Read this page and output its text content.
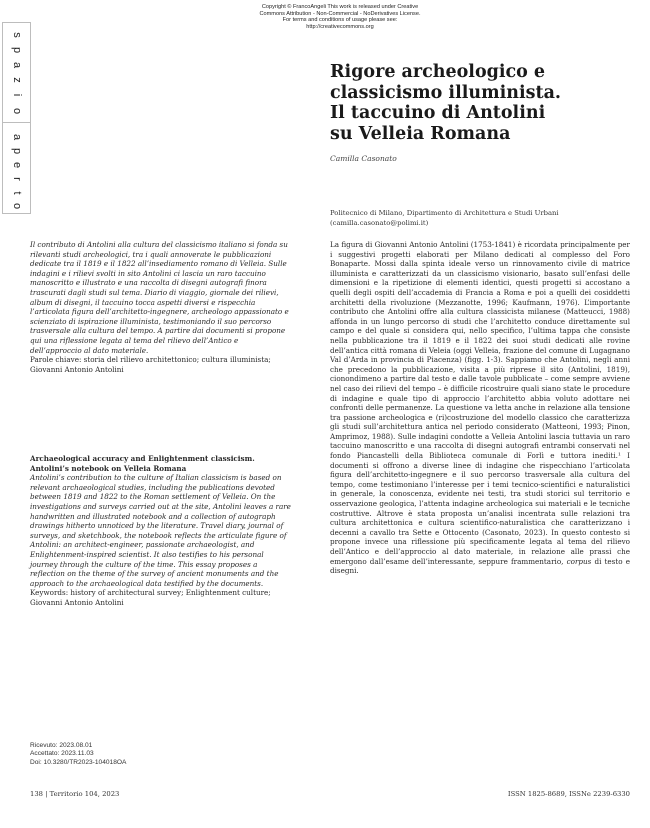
Copyright © FrancoAngeli This work is released under Creative
Commons Attribution - Non-Commercial - NoDerivatives License.
For terms and conditions of usage please see:
http://creativecommons.org
s
p
a
z
i
o
a
p
e
r
t
o
Rigore archeologico e
classicismo illuminista.
Il taccuino di Antolini
su Velleia Romana
Camilla Casonato
Politecnico di Milano, Dipartimento di Architettura e Studi Urbani
(camilla.casonato@polimi.it)

Il contributo di Antolini alla cultura del classicismo italiano si fonda su rilevanti studi archeologici, tra i quali annoverate le pubblicazioni dedicate tra il 1819 e il 1822 all’insediamento romano di Velleia. Sulle indagini e i rilievi svolti in sito Antolini ci lascia un raro taccuino manoscritto e illustrato e una raccolta di disegni autografi finora trascurati dagli studi sul tema. Diario di viaggio, giornale dei rilievi, album di disegni, il taccuino tocca aspetti diversi e rispecchia l’articolata figura dell’architetto-ingegnere, archeologo appassionato e scienziato di ispirazione illuminista, testimoniando il suo percorso trasversale alla cultura del tempo. A partire dai documenti si propone qui una riflessione legata al tema del rilievo dell’Antico e dell’approccio al dato materiale.

Parole chiave: storia del rilievo architettonico; cultura illuminista; Giovanni Antonio Antolini

Archaeological accuracy and Enlightenment classicism. Antolini’s notebook on Velleia Romana

Antolini’s contribution to the culture of Italian classicism is based on relevant archaeological studies, including the publications devoted between 1819 and 1822 to the Roman settlement of Velleia. On the investigations and surveys carried out at the site, Antolini leaves a rare handwritten and illustrated notebook and a collection of autograph drawings hitherto unnoticed by the literature. Travel diary, journal of surveys, and sketchbook, the notebook reflects the articulate figure of Antolini: an architect-engineer, passionate archaeologist, and Enlightenment-inspired scientist. It also testifies to his personal journey through the culture of the time. This essay proposes a reflection on the theme of the survey of ancient monuments and the approach to the archaeological data testified by the documents.

Keywords: history of architectural survey; Enlightenment culture; Giovanni Antonio Antolini

Ricevuto: 2023.08.01
Accettato: 2023.11.03
Doi: 10.3280/TR2023-104018OA

La figura di Giovanni Antonio Antolini (1753-1841) è ricordata principalmente per i suggestivi progetti elaborati per Milano dedicati al complesso del Foro Bonaparte. Mossi dalla spinta ideale verso un rinnovamento civile di matrice illuminista e caratterizzati da un classicismo visionario, basato sull’enfasi delle dimensioni e la ripetizione di elementi identici, questi progetti si accostano a quelli degli ospiti dell’accademia di Francia a Roma e poi a quelli dei cosiddetti architetti della rivoluzione (Mezzanotte, 1996; Kaufmann, 1976). L’importante contributo che Antolini offre alla cultura classicista milanese (Matteucci, 1988) affonda in un lungo percorso di studi che l’architetto conduce direttamente sul campo e del quale si considera qui, nello specifico, l’ultima tappa che consiste nella pubblicazione tra il 1819 e il 1822 dei suoi studi dedicati alle rovine dell’antica città romana di Veleia (oggi Velleia, frazione del comune di Lugagnano Val d’Arda in provincia di Piacenza) (figg. 1-3). Sappiamo che Antolini, negli anni che precedono la pubblicazione, visita a più riprese il sito (Antolini, 1819), cionondimeno a partire dal testo e dalle tavole pubblicate – come sempre avviene nel caso dei rilievi del tempo – è difficile ricostruire quali siano state le procedure di indagine e quale tipo di approccio l’architetto abbia voluto adottare nei confronti delle permanenze. La questione va letta anche in relazione alla tensione tra passione archeologica e (ri)costruzione del modello classico che caratterizza gli studi sull’architettura antica nel periodo considerato (Matteoni, 1993; Pinon, Amprimoz, 1988). Sulle indagini condotte a Velleia Antolini lascia tuttavia un raro taccuino manoscritto e una raccolta di disegni autografi entrambi conservati nel fondo Piancastelli della Biblioteca comunale di Forlì e tuttora inediti.¹ I documenti si offrono a diverse linee di indagine che rispecchiano l’articolata figura dell’architetto-ingegnere e il suo percorso trasversale alla cultura del tempo, come testimoniano l’interesse per i temi tecnico-scientifici e naturalistici in generale, la conoscenza, evidente nei testi, tra studi storici sul territorio e osservazione geologica, l’attenta indagine archeologica sui materiali e le tecniche costruttive. Altrove è stata proposta un’analisi incentrata sulle relazioni tra cultura architettonica e cultura scientifico-naturalistica che caratterizzano i decenni a cavallo tra Sette e Ottocento (Casonato, 2023). In questo contesto si propone invece una riflessione più specificamente legata al tema del rilievo dell’Antico e dell’approccio al dato materiale, in relazione alle prassi che emergono dall’esame dell’interessante, seppure frammentario, corpus di testo e disegni.

138 | Territorio 104, 2023	ISSN 1825-8689, ISSNe 2239-6330
